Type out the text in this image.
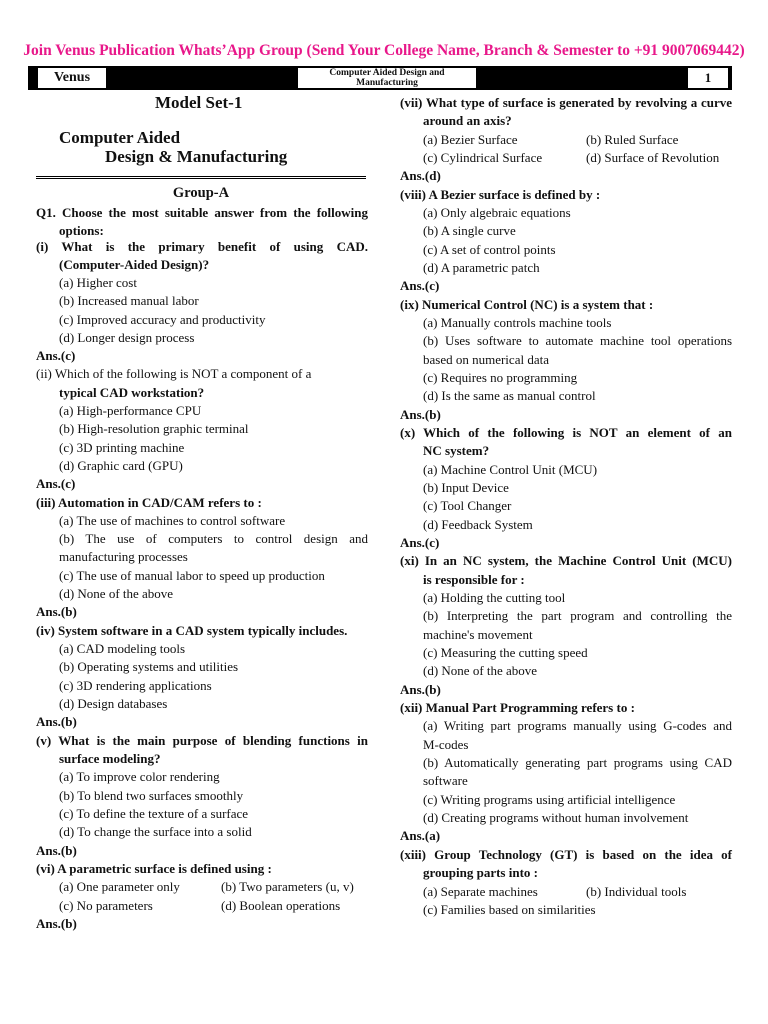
Join Venus Publication Whats’App Group (Send Your College Name, Branch & Semester to +91 9007069442)
Venus	Computer Aided Design and
Manufacturing	1
Model Set-1
Computer Aided
Design & Manufacturing
Group-A
Q1. Choose the most suitable answer from the following
options:
(i) What is the primary benefit of using CAD.
(Computer-Aided Design)?
(a) Higher cost
(b) Increased manual labor
(c) Improved accuracy and productivity
(d) Longer design process
Ans.(c)
(ii) Which of the following is NOT a component of a
typical CAD workstation?
(a) High-performance CPU
(b) High-resolution graphic terminal
(c) 3D printing machine
(d) Graphic card (GPU)
Ans.(c)
(iii) Automation in CAD/CAM refers to :
(a) The use of machines to control software
(b) The use of computers to control design and
manufacturing processes
(c) The use of manual labor to speed up production
(d) None of the above
Ans.(b)
(iv) System software in a CAD system typically includes.
(a) CAD modeling tools
(b) Operating systems and utilities
(c) 3D rendering applications
(d) Design databases
Ans.(b)
(v) What is the main purpose of blending functions in
surface modeling?
(a) To improve color rendering
(b) To blend two surfaces smoothly
(c) To define the texture of a surface
(d) To change the surface into a solid
Ans.(b)
(vi) A parametric surface is defined using :
(a) One parameter only	(b) Two parameters (u, v)
(c) No parameters	(d) Boolean operations
Ans.(b)
(vii) What type of surface is generated by revolving a curve
around an axis?
(a) Bezier Surface	(b) Ruled Surface
(c) Cylindrical Surface	(d) Surface of Revolution
Ans.(d)
(viii) A Bezier surface is defined by :
(a) Only algebraic equations
(b) A single curve
(c) A set of control points
(d) A parametric patch
Ans.(c)
(ix) Numerical Control (NC) is a system that :
(a) Manually controls machine tools
(b) Uses software to automate machine tool operations
based on numerical data
(c) Requires no programming
(d) Is the same as manual control
Ans.(b)
(x) Which of the following is NOT an element of an
NC system?
(a) Machine Control Unit (MCU)
(b) Input Device
(c) Tool Changer
(d) Feedback System
Ans.(c)
(xi) In an NC system, the Machine Control Unit (MCU)
is responsible for :
(a) Holding the cutting tool
(b) Interpreting the part program and controlling the
machine's movement
(c) Measuring the cutting speed
(d) None of the above
Ans.(b)
(xii) Manual Part Programming refers to :
(a) Writing part programs manually using G-codes and
M-codes
(b) Automatically generating part programs using CAD
software
(c) Writing programs using artificial intelligence
(d) Creating programs without human involvement
Ans.(a)
(xiii) Group Technology (GT) is based on the idea of
grouping parts into :
(a) Separate machines	(b) Individual tools
(c) Families based on similarities
